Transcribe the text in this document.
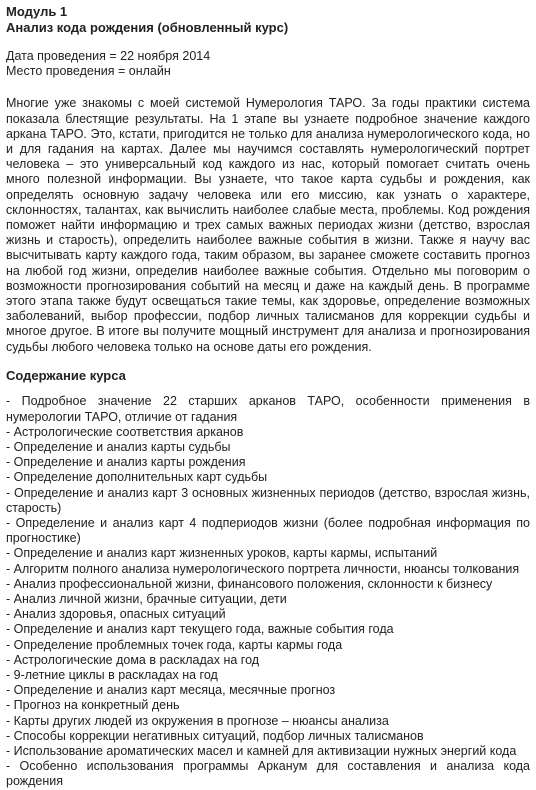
Модуль 1
Анализ кода рождения (обновленный курс)
Дата проведения = 22 ноября 2014
Место проведения = онлайн

Многие уже знакомы с моей системой Нумерология ТАРО. За годы практики система показала блестящие результаты. На 1 этапе вы узнаете подробное значение каждого аркана ТАРО. Это, кстати, пригодится не только для анализа нумерологического кода, но и для гадания на картах. Далее мы научимся составлять нумерологический портрет человека – это универсальный код каждого из нас, который помогает считать очень много полезной информации. Вы узнаете, что такое карта судьбы и рождения, как определять основную задачу человека или его миссию, как узнать о характере, склонностях, талантах, как вычислить наиболее слабые места, проблемы. Код рождения поможет найти информацию и трех самых важных периодах жизни (детство, взрослая жизнь и старость), определить наиболее важные события в жизни. Также я научу вас высчитывать карту каждого года, таким образом, вы заранее сможете составить прогноз на любой год жизни, определив наиболее важные события. Отдельно мы поговорим о возможности прогнозирования событий на месяц и даже на каждый день. В программе этого этапа также будут освещаться такие темы, как здоровье, определение возможных заболеваний, выбор профессии, подбор личных талисманов для коррекции судьбы и многое другое. В итоге вы получите мощный инструмент для анализа и прогнозирования судьбы любого человека только на основе даты его рождения.

Содержание курса

- Подробное значение 22 старших арканов ТАРО, особенности применения в нумерологии ТАРО, отличие от гадания

- Астрологические соответствия арканов

- Определение и анализ карты судьбы

- Определение и анализ карты рождения

- Определение дополнительных карт судьбы

- Определение и анализ карт 3 основных жизненных периодов (детство, взрослая жизнь, старость)

- Определение и анализ карт 4 подпериодов жизни (более подробная информация по прогностике)

- Определение и анализ карт жизненных уроков, карты кармы, испытаний

- Алгоритм полного анализа нумерологического портрета личности, нюансы толкования

- Анализ профессиональной жизни, финансового положения, склонности к бизнесу

- Анализ личной жизни, брачные ситуации, дети

- Анализ здоровья, опасных ситуаций

- Определение и анализ карт текущего года, важные события года

- Определение проблемных точек года, карты кармы года

- Астрологические дома в раскладах на год

- 9-летние циклы в раскладах на год

- Определение и анализ карт месяца, месячные прогноз

- Прогноз на конкретный день

- Карты других людей из окружения в прогнозе – нюансы анализа

- Способы коррекции негативных ситуаций, подбор личных талисманов

- Использование ароматических масел и камней для активизации нужных энергий кода

- Особенно использования программы Арканум для составления и анализа кода рождения
